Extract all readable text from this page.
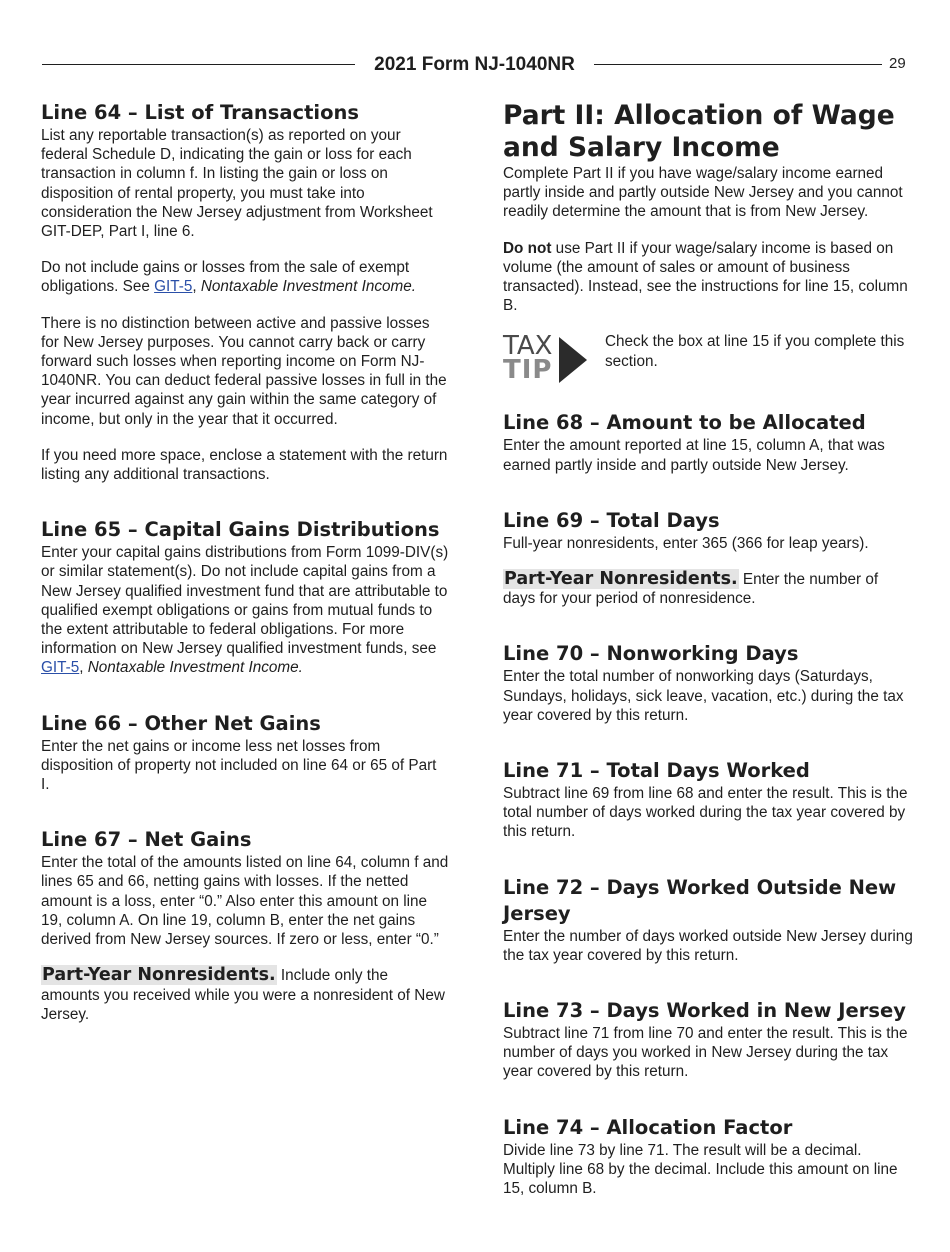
2021 Form NJ-1040NR	29
Line 64 – List of Transactions

List any reportable transaction(s) as reported on your federal Schedule D, indicating the gain or loss for each transaction in column f. In listing the gain or loss on disposition of rental property, you must take into consideration the New Jersey adjustment from Worksheet GIT-DEP, Part I, line 6.

Do not include gains or losses from the sale of exempt obligations. See GIT-5, Nontaxable Investment Income.

There is no distinction between active and passive losses for New Jersey purposes. You cannot carry back or carry forward such losses when reporting income on Form NJ-1040NR. You can deduct federal passive losses in full in the year incurred against any gain within the same category of income, but only in the year that it occurred.

If you need more space, enclose a statement with the return listing any additional transactions.

Line 65 – Capital Gains Distributions

Enter your capital gains distributions from Form 1099-DIV(s) or similar statement(s). Do not include capital gains from a New Jersey qualified investment fund that are attributable to qualified exempt obligations or gains from mutual funds to the extent attributable to federal obligations. For more information on New Jersey qualified investment funds, see GIT-5, Nontaxable Investment Income.

Line 66 – Other Net Gains

Enter the net gains or income less net losses from disposition of property not included on line 64 or 65 of Part I.

Line 67 – Net Gains

Enter the total of the amounts listed on line 64, column f and lines 65 and 66, netting gains with losses. If the netted amount is a loss, enter “0.” Also enter this amount on line 19, column A. On line 19, column B, enter the net gains derived from New Jersey sources. If zero or less, enter “0.”

Part-Year Nonresidents. Include only the amounts you received while you were a nonresident of New Jersey.

Part II: Allocation of Wage and Salary Income

Complete Part II if you have wage/salary income earned partly inside and partly outside New Jersey and you cannot readily determine the amount that is from New Jersey.

Do not use Part II if your wage/salary income is based on volume (the amount of sales or amount of business transacted). Instead, see the instructions for line 15, column B.

TAX
TIP

Check the box at line 15 if you complete this section.

Line 68 – Amount to be Allocated

Enter the amount reported at line 15, column A, that was earned partly inside and partly outside New Jersey.

Line 69 – Total Days

Full-year nonresidents, enter 365 (366 for leap years).

Part-Year Nonresidents. Enter the number of days for your period of nonresidence.

Line 70 – Nonworking Days

Enter the total number of nonworking days (Saturdays, Sundays, holidays, sick leave, vacation, etc.) during the tax year covered by this return.

Line 71 – Total Days Worked

Subtract line 69 from line 68 and enter the result. This is the total number of days worked during the tax year covered by this return.

Line 72 – Days Worked Outside New Jersey

Enter the number of days worked outside New Jersey during the tax year covered by this return.

Line 73 – Days Worked in New Jersey

Subtract line 71 from line 70 and enter the result. This is the number of days you worked in New Jersey during the tax year covered by this return.

Line 74 – Allocation Factor

Divide line 73 by line 71. The result will be a decimal. Multiply line 68 by the decimal. Include this amount on line 15, column B.
